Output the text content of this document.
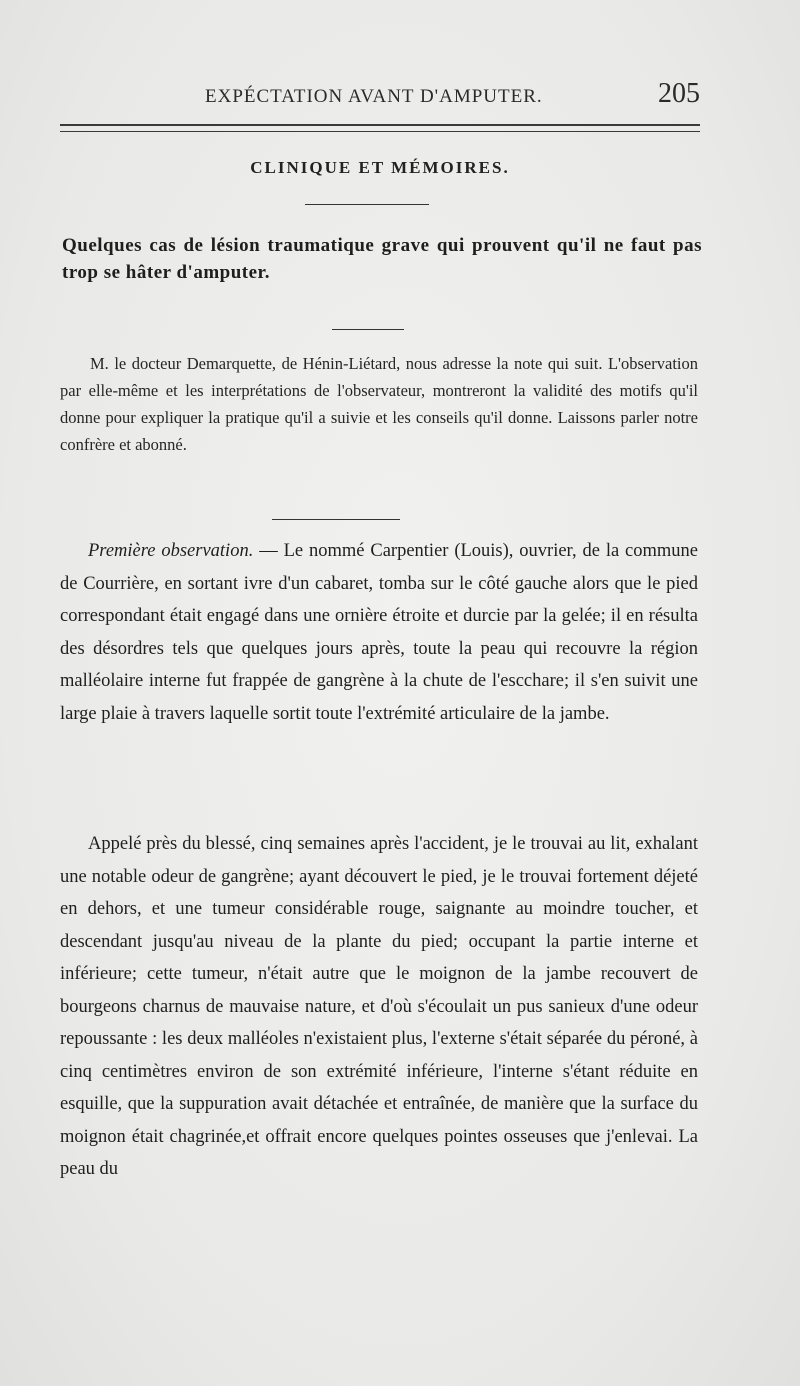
EXPÉCTATION AVANT D'AMPUTER.	205
CLINIQUE ET MÉMOIRES.
Quelques cas de lésion traumatique grave qui prouvent qu'il ne faut pas trop se hâter d'amputer.

M. le docteur Demarquette, de Hénin-Liétard, nous adresse la note qui suit. L'observation par elle-même et les interprétations de l'observateur, montreront la validité des motifs qu'il donne pour expliquer la pratique qu'il a suivie et les conseils qu'il donne. Laissons parler notre confrère et abonné.

Première observation. — Le nommé Carpentier (Louis), ouvrier, de la commune de Courrière, en sortant ivre d'un cabaret, tomba sur le côté gauche alors que le pied correspondant était engagé dans une ornière étroite et durcie par la gelée; il en résulta des désordres tels que quelques jours après, toute la peau qui recouvre la région malléolaire interne fut frappée de gangrène à la chute de l'escchare; il s'en suivit une large plaie à travers laquelle sortit toute l'extrémité articulaire de la jambe.

Appelé près du blessé, cinq semaines après l'accident, je le trouvai au lit, exhalant une notable odeur de gangrène; ayant découvert le pied, je le trouvai fortement déjeté en dehors, et une tumeur considérable rouge, saignante au moindre toucher, et descendant jusqu'au niveau de la plante du pied; occupant la partie interne et inférieure; cette tumeur, n'était autre que le moignon de la jambe recouvert de bourgeons charnus de mauvaise nature, et d'où s'écoulait un pus sanieux d'une odeur repoussante : les deux malléoles n'existaient plus, l'externe s'était séparée du péroné, à cinq centimètres environ de son extrémité inférieure, l'interne s'étant réduite en esquille, que la suppuration avait détachée et entraînée, de manière que la surface du moignon était chagrinée,et offrait encore quelques pointes osseuses que j'enlevai. La peau du
